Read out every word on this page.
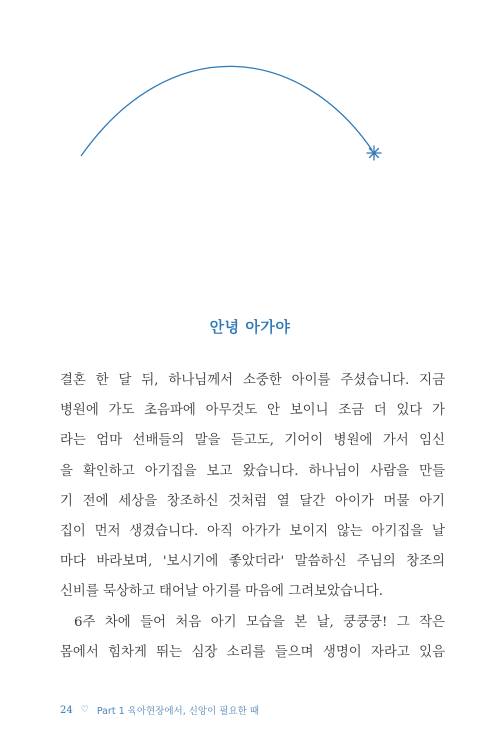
안녕 아가야
결혼 한 달 뒤, 하나님께서 소중한 아이를 주셨습니다. 지금
병원에 가도 초음파에 아무것도 안 보이니 조금 더 있다 가
라는 엄마 선배들의 말을 듣고도, 기어이 병원에 가서 임신
을 확인하고 아기집을 보고 왔습니다. 하나님이 사람을 만들
기 전에 세상을 창조하신 것처럼 열 달간 아이가 머물 아기
집이 먼저 생겼습니다. 아직 아가가 보이지 않는 아기집을 날
마다 바라보며, '보시기에 좋았더라' 말씀하신 주님의 창조의
신비를 묵상하고 태어날 아기를 마음에 그려보았습니다.
6주 차에 들어 처음 아기 모습을 본 날, 쿵쿵쿵! 그 작은
몸에서 힘차게 뛰는 심장 소리를 들으며 생명이 자라고 있음
24 ♡ Part 1 육아현장에서, 신앙이 필요한 때
